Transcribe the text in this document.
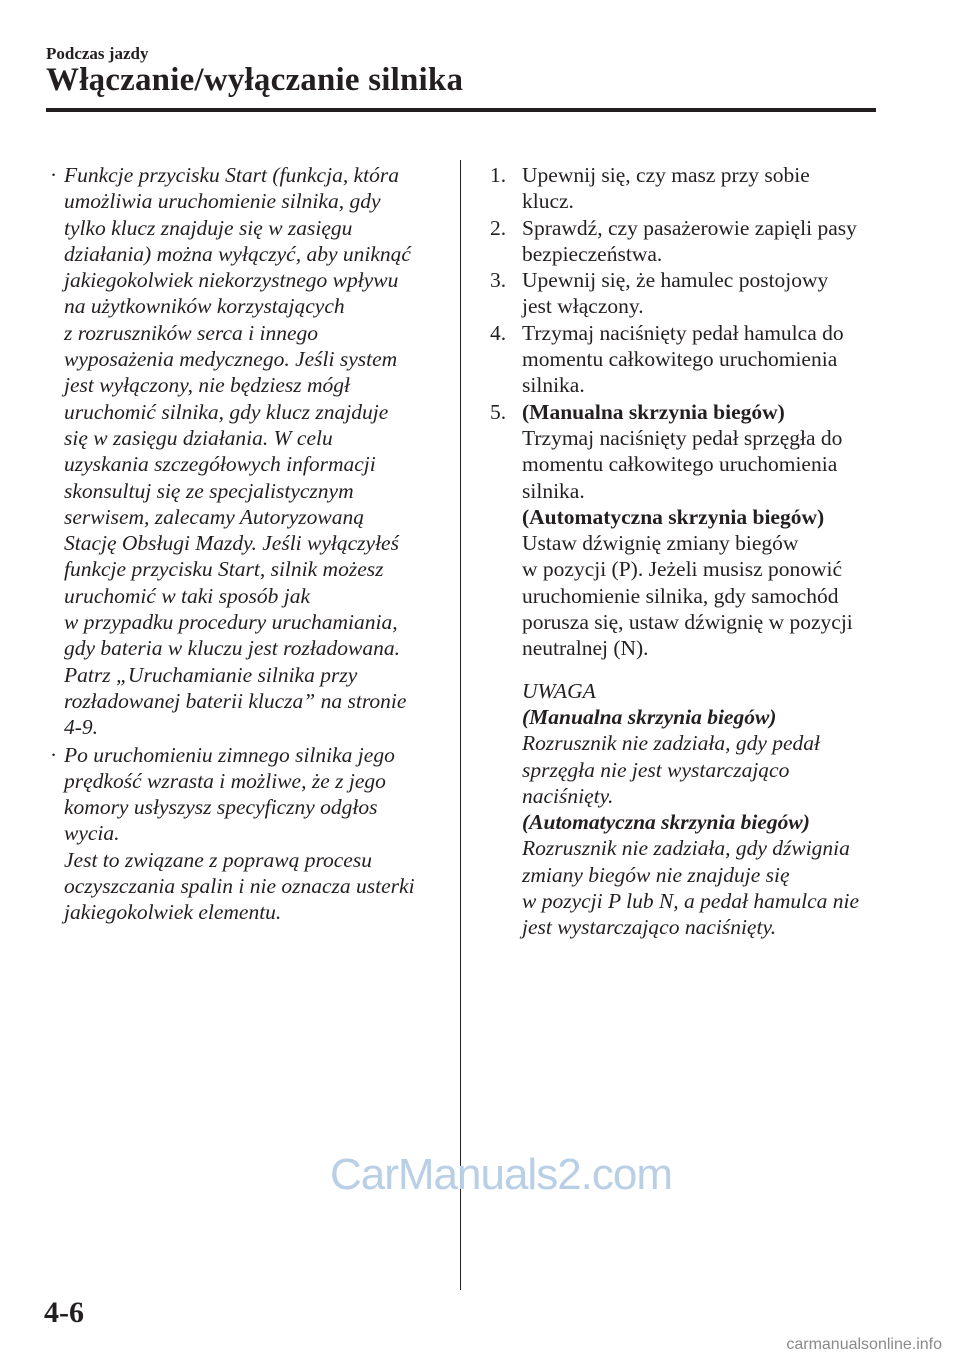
Podczas jazdy
Włączanie/wyłączanie silnika
· Funkcje przycisku Start (funkcja, która

umożliwia uruchomienie silnika, gdy

tylko klucz znajduje się w zasięgu

działania) można wyłączyć, aby uniknąć

jakiegokolwiek niekorzystnego wpływu

na użytkowników korzystających

z rozruszników serca i innego

wyposażenia medycznego. Jeśli system

jest wyłączony, nie będziesz mógł

uruchomić silnika, gdy klucz znajduje

się w zasięgu działania. W celu

uzyskania szczegółowych informacji

skonsultuj się ze specjalistycznym

serwisem, zalecamy Autoryzowaną

Stację Obsługi Mazdy. Jeśli wyłączyłeś

funkcje przycisku Start, silnik możesz

uruchomić w taki sposób jak

w przypadku procedury uruchamiania,

gdy bateria w kluczu jest rozładowana.

Patrz „Uruchamianie silnika przy

rozładowanej baterii klucza” na stronie

4-9.

· Po uruchomieniu zimnego silnika jego

prędkość wzrasta i możliwe, że z jego

komory usłyszysz specyficzny odgłos

wycia.

Jest to związane z poprawą procesu

oczyszczania spalin i nie oznacza usterki

jakiegokolwiek elementu.

1. Upewnij się, czy masz przy sobie

klucz.

2. Sprawdź, czy pasażerowie zapięli pasy

bezpieczeństwa.

3. Upewnij się, że hamulec postojowy

jest włączony.

4. Trzymaj naciśnięty pedał hamulca do

momentu całkowitego uruchomienia

silnika.

5. (Manualna skrzynia biegów)

Trzymaj naciśnięty pedał sprzęgła do

momentu całkowitego uruchomienia

silnika.

(Automatyczna skrzynia biegów)

Ustaw dźwignię zmiany biegów

w pozycji (P). Jeżeli musisz ponowić

uruchomienie silnika, gdy samochód

porusza się, ustaw dźwignię w pozycji

neutralnej (N).

UWAGA

(Manualna skrzynia biegów)

Rozrusznik nie zadziała, gdy pedał

sprzęgła nie jest wystarczająco

naciśnięty.

(Automatyczna skrzynia biegów)

Rozrusznik nie zadziała, gdy dźwignia

zmiany biegów nie znajduje się

w pozycji P lub N, a pedał hamulca nie

jest wystarczająco naciśnięty.

CarManuals2.com
4-6
carmanualsonline.info
